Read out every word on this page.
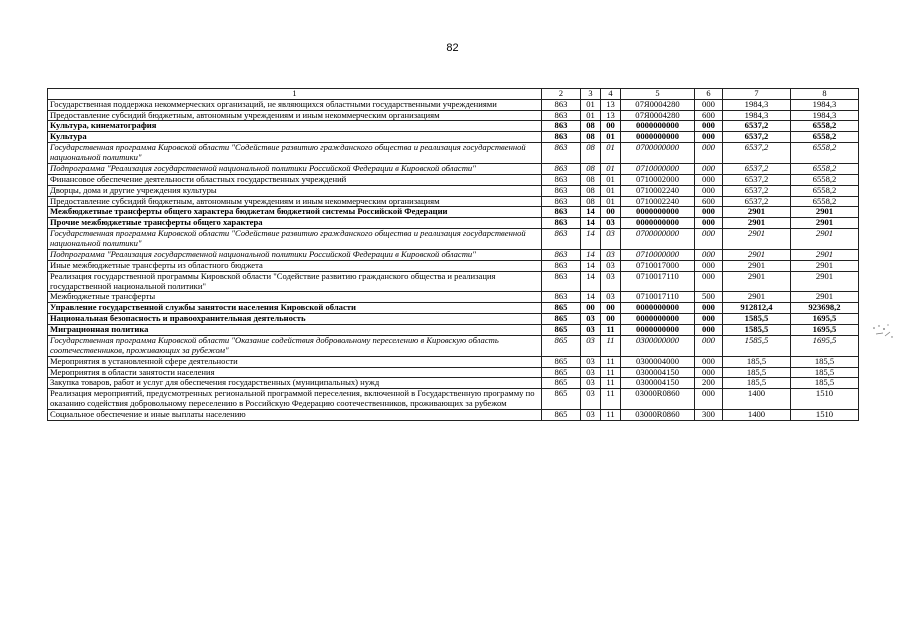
82
1	2	3	4	5	6	7	8
Государственная поддержка некоммерческих организаций, не являющихся областными государственными учреждениями	863	01	13	07Я0004280	000	1984,3	1984,3
Предоставление субсидий бюджетным, автономным учреждениям и иным некоммерческим организациям	863	01	13	07Я0004280	600	1984,3	1984,3
Культура, кинематография	863	08	00	0000000000	000	6537,2	6558,2
Культура	863	08	01	0000000000	000	6537,2	6558,2
Государственная программа Кировской области "Содействие развитию гражданского общества и реализация государственной национальной политики"	863	08	01	0700000000	000	6537,2	6558,2
Подпрограмма "Реализация государственной национальной политики Российской Федерации в Кировской области"	863	08	01	0710000000	000	6537,2	6558,2
Финансовое обеспечение деятельности областных государственных учреждений	863	08	01	0710002000	000	6537,2	6558,2
Дворцы, дома и другие учреждения культуры	863	08	01	0710002240	000	6537,2	6558,2
Предоставление субсидий бюджетным, автономным учреждениям и иным некоммерческим организациям	863	08	01	0710002240	600	6537,2	6558,2
Межбюджетные трансферты общего характера бюджетам бюджетной системы Российской Федерации	863	14	00	0000000000	000	2901	2901
Прочие межбюджетные трансферты общего характера	863	14	03	0000000000	000	2901	2901
Государственная программа Кировской области "Содействие развитию гражданского общества и реализация государственной национальной политики"	863	14	03	0700000000	000	2901	2901
Подпрограмма "Реализация государственной национальной политики Российской Федерации в Кировской области"	863	14	03	0710000000	000	2901	2901
Иные межбюджетные трансферты из областного бюджета	863	14	03	0710017000	000	2901	2901
Реализация государственной программы Кировской области "Содействие развитию гражданского общества и реализация государственной национальной политики"	863	14	03	0710017110	000	2901	2901
Межбюджетные трансферты	863	14	03	0710017110	500	2901	2901
Управление государственной службы занятости населения Кировской области	865	00	00	0000000000	000	912812,4	923698,2
Национальная безопасность и правоохранительная деятельность	865	03	00	0000000000	000	1585,5	1695,5
Миграционная политика	865	03	11	0000000000	000	1585,5	1695,5
Государственная программа Кировской области "Оказание содействия добровольному переселению в Кировскую область соотечественников, проживающих за рубежом"	865	03	11	0300000000	000	1585,5	1695,5
Мероприятия в установленной сфере деятельности	865	03	11	0300004000	000	185,5	185,5
Мероприятия в области занятости населения	865	03	11	0300004150	000	185,5	185,5
Закупка товаров, работ и услуг для обеспечения государственных (муниципальных) нужд	865	03	11	0300004150	200	185,5	185,5
Реализация мероприятий, предусмотренных региональной программой переселения, включенной в Государственную программу по оказанию содействия добровольному переселению в Российскую Федерацию соотечественников, проживающих за рубежом	865	03	11	03000R0860	000	1400	1510
Социальное обеспечение и иные выплаты населению	865	03	11	03000R0860	300	1400	1510
